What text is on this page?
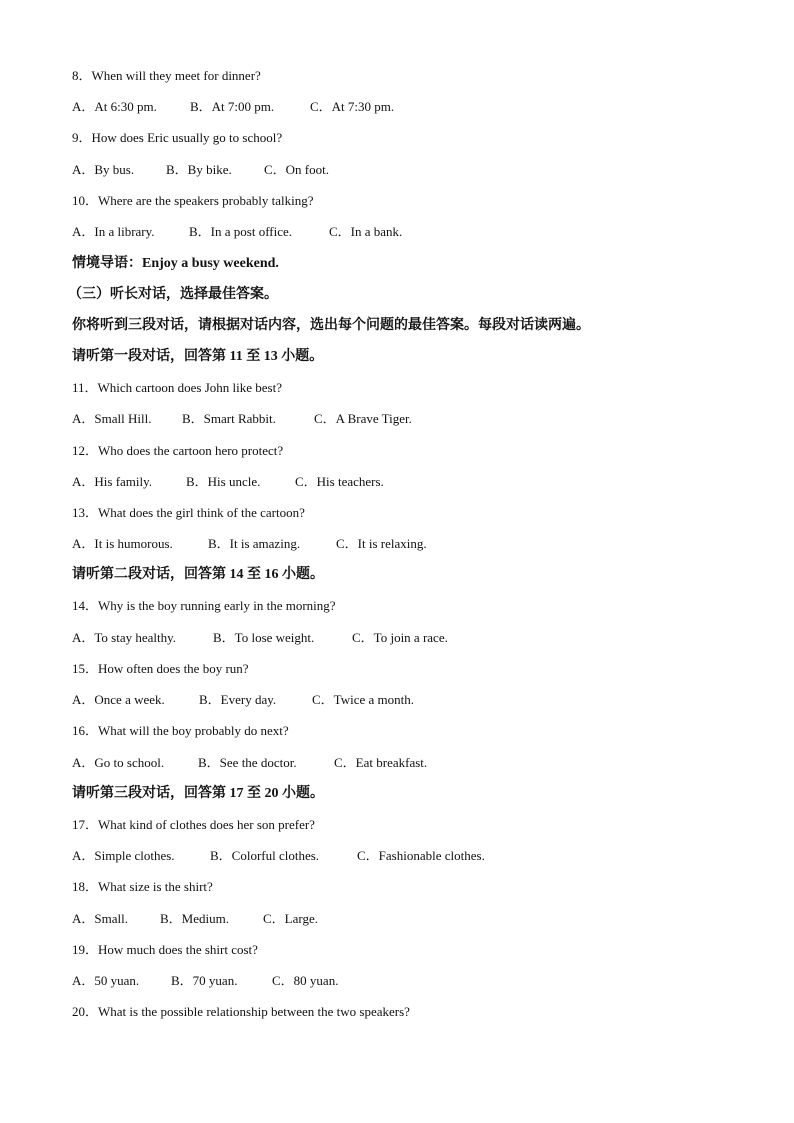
8．When will they meet for dinner?
A．At 6:30 pm.	B．At 7:00 pm.	C．At 7:30 pm.
9．How does Eric usually go to school?
A．By bus. B．By bike. C．On foot.
10．Where are the speakers probably talking?
A．In a library.	B．In a post office.	C．In a bank.
情境导语：Enjoy a busy weekend.
（三）听长对话，选择最佳答案。
你将听到三段对话，请根据对话内容，选出每个问题的最佳答案。每段对话读两遍。
请听第一段对话，回答第 11 至 13 小题。
11．Which cartoon does John like best?
A．Small Hill. B．Smart Rabbit.	C．A Brave Tiger.
12．Who does the cartoon hero protect?
A．His family.	B．His uncle.	C．His teachers.
13．What does the girl think of the cartoon?
A．It is humorous.	B．It is amazing.	C．It is relaxing.
请听第二段对话，回答第 14 至 16 小题。
14．Why is the boy running early in the morning?
A．To stay healthy.	B．To lose weight.	C．To join a race.
15．How often does the boy run?
A．Once a week.	B．Every day.	C．Twice a month.
16．What will the boy probably do next?
A．Go to school.	B．See the doctor.	C．Eat breakfast.
请听第三段对话，回答第 17 至 20 小题。
17．What kind of clothes does her son prefer?
A．Simple clothes.	B．Colorful clothes.	C．Fashionable clothes.
18．What size is the shirt?
A．Small. B．Medium.	C．Large.
19．How much does the shirt cost?
A．50 yuan. B．70 yuan.	C．80 yuan.
20．What is the possible relationship between the two speakers?
